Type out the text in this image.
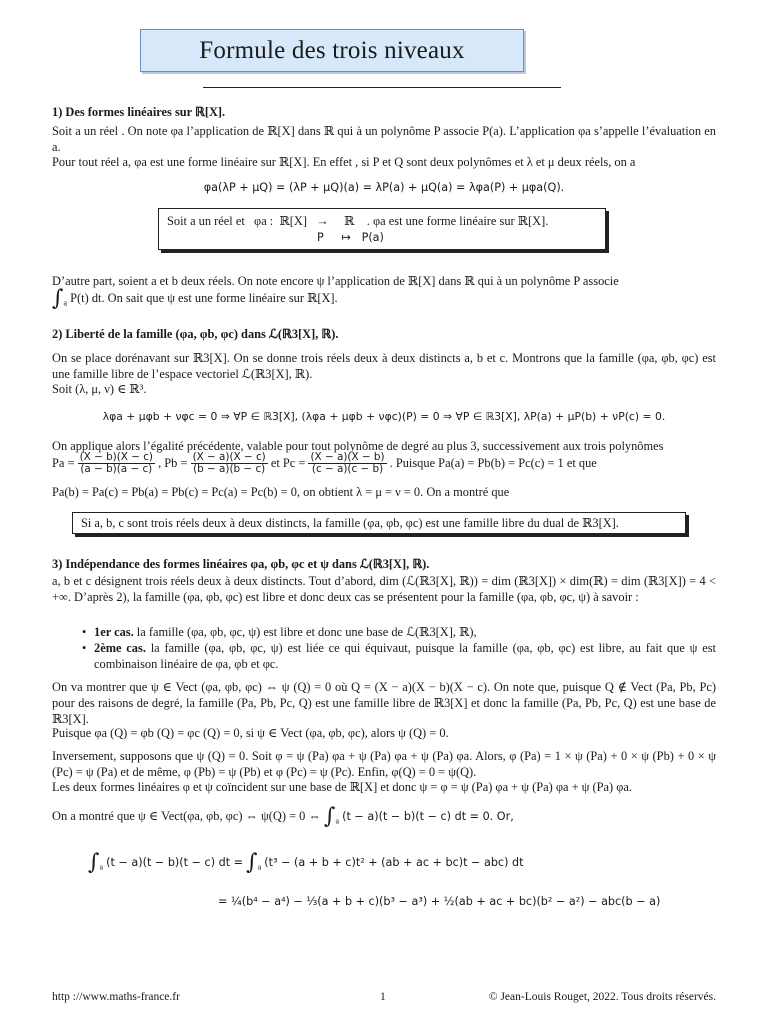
Formule des trois niveaux
1) Des formes linéaires sur ℝ[X].
Soit a un réel . On note φa l’application de ℝ[X] dans ℝ qui à un polynôme P associe P(a). L’application φa s’appelle l’évaluation en a.
Pour tout réel a, φa est une forme linéaire sur ℝ[X]. En effet , si P et Q sont deux polynômes et λ et μ deux réels, on a
φa(λP + μQ) = (λP + μQ)(a) = λP(a) + μQ(a) = λφa(P) + μφa(Q).
Soit a un réel et   φa :  ℝ[X]   →     ℝ    . φa est une forme linéaire sur ℝ[X].
P     ↦   P(a)
D’autre part, soient a et b deux réels. On note encore ψ l’application de ℝ[X] dans ℝ qui à un polynôme P associe
$\int_a$ P(t) dt. On sait que ψ est une forme linéaire sur ℝ[X].
2) Liberté de la famille (φa, φb, φc) dans ℒ(ℝ3[X], ℝ).
On se place dorénavant sur ℝ3[X]. On se donne trois réels deux à deux distincts a, b et c. Montrons que la famille (φa, φb, φc) est une famille libre de l’espace vectoriel ℒ(ℝ3[X], ℝ).
Soit (λ, μ, ν) ∈ ℝ³.
λφa + μφb + νφc = 0 ⇒ ∀P ∈ ℝ3[X], (λφa + μφb + νφc)(P) = 0 ⇒ ∀P ∈ ℝ3[X], λP(a) + μP(b) + νP(c) = 0.
On applique alors l’égalité précédente, valable pour tout polynôme de degré au plus 3, successivement aux trois polynômes
$Pa = \frac{(X - b)(X - c)}{(a - b)(a - c)}$ , $Pb = \frac{(X - a)(X - c)}{(b - a)(b - c)}$ et $Pc = \frac{(X - a)(X - b)}{(c - a)(c - b)}$ . Puisque Pa(a) = Pb(b) = Pc(c) = 1 et que
Pa(b) = Pa(c) = Pb(a) = Pb(c) = Pc(a) = Pc(b) = 0, on obtient λ = μ = ν = 0. On a montré que
Si a, b, c sont trois réels deux à deux distincts, la famille (φa, φb, φc) est une famille libre du dual de ℝ3[X].
3) Indépendance des formes linéaires φa, φb, φc et ψ dans ℒ(ℝ3[X], ℝ).
a, b et c désignent trois réels deux à deux distincts. Tout d’abord, dim (ℒ(ℝ3[X], ℝ)) = dim (ℝ3[X]) × dim(ℝ) = dim (ℝ3[X]) = 4 < +∞. D’après 2), la famille (φa, φb, φc) est libre et donc deux cas se présentent pour la famille (φa, φb, φc, ψ) à savoir :
• 1er cas. la famille (φa, φb, φc, ψ) est libre et donc une base de ℒ(ℝ3[X], ℝ),
• 2ème cas. la famille (φa, φb, φc, ψ) est liée ce qui équivaut, puisque la famille (φa, φb, φc) est libre, au fait que ψ est combinaison linéaire de φa, φb et φc.
On va montrer que ψ ∈ Vect (φa, φb, φc) ⇔ ψ (Q) = 0 où Q = (X − a)(X − b)(X − c). On note que, puisque Q ∉ Vect (Pa, Pb, Pc) pour des raisons de degré, la famille (Pa, Pb, Pc, Q) est une famille libre de ℝ3[X] et donc la famille (Pa, Pb, Pc, Q) est une base de ℝ3[X].
Puisque φa (Q) = φb (Q) = φc (Q) = 0, si ψ ∈ Vect (φa, φb, φc), alors ψ (Q) = 0.
Inversement, supposons que ψ (Q) = 0. Soit φ = ψ (Pa) φa + ψ (Pa) φa + ψ (Pa) φa. Alors, φ (Pa) = 1 × ψ (Pa) + 0 × ψ (Pb) + 0 × ψ (Pc) = ψ (Pa) et de même, φ (Pb) = ψ (Pb) et φ (Pc) = ψ (Pc). Enfin, φ(Q) = 0 = ψ(Q).
Les deux formes linéaires φ et ψ coïncident sur une base de ℝ[X] et donc ψ = φ = ψ (Pa) φa + ψ (Pa) φa + ψ (Pa) φa.
On a montré que ψ ∈ Vect(φa, φb, φc) ⇔ ψ(Q) = 0 ⇔ $\int_a$ (t − a)(t − b)(t − c) dt = 0. Or,
$\int_a$ (t − a)(t − b)(t − c) dt = $\int_a$ (t³ − (a + b + c)t² + (ab + ac + bc)t − abc) dt
= ¼(b⁴ − a⁴) − ⅓(a + b + c)(b³ − a³) + ½(ab + ac + bc)(b² − a²) − abc(b − a)
http ://www.maths-france.fr	1	© Jean-Louis Rouget, 2022. Tous droits réservés.
